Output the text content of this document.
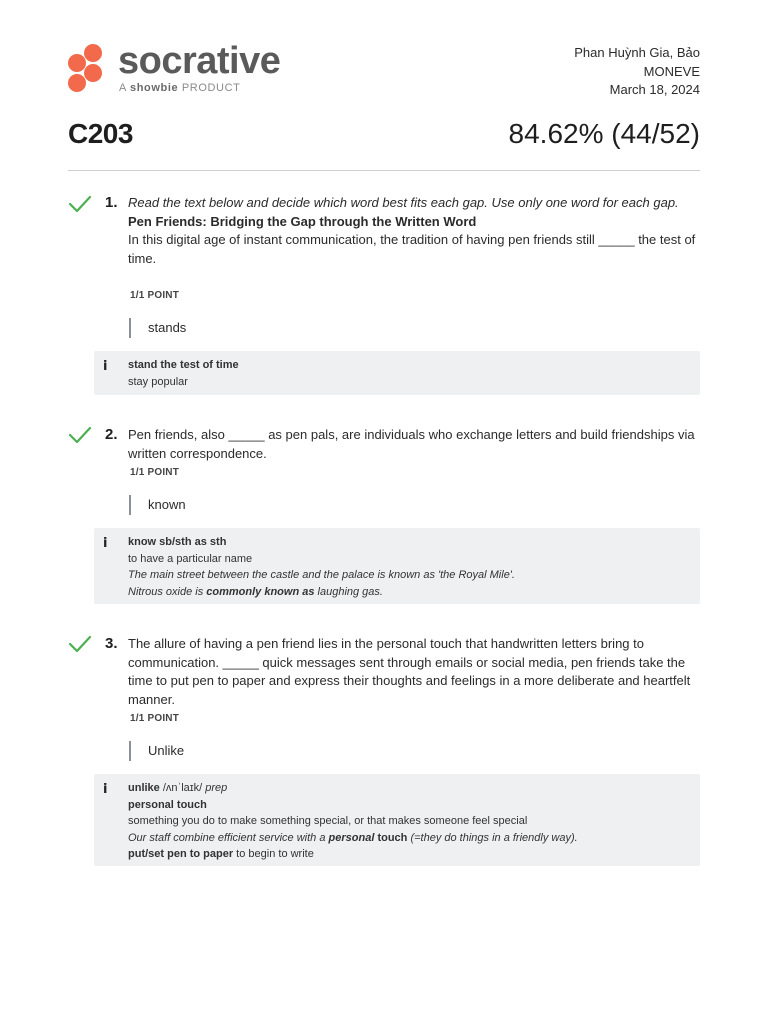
socrative
A showbie PRODUCT
Phan Huỳnh Gia, Bảo
MONEVE
March 18, 2024
C203	84.62% (44/52)
1. Read the text below and decide which word best fits each gap. Use only one word for each gap.
Pen Friends: Bridging the Gap through the Written Word
In this digital age of instant communication, the tradition of having pen friends still _____ the test of time.
1/1 POINT
stands
i stand the test of time
stay popular
2. Pen friends, also _____ as pen pals, are individuals who exchange letters and build friendships via written correspondence.
1/1 POINT
known
i know sb/sth as sth
to have a particular name
The main street between the castle and the palace is known as 'the Royal Mile'.
Nitrous oxide is commonly known as laughing gas.
3. The allure of having a pen friend lies in the personal touch that handwritten letters bring to communication. _____ quick messages sent through emails or social media, pen friends take the time to put pen to paper and express their thoughts and feelings in a more deliberate and heartfelt manner.
1/1 POINT
Unlike
i unlike /ʌnˈlaɪk/ prep
personal touch
something you do to make something special, or that makes someone feel special
Our staff combine efficient service with a personal touch (=they do things in a friendly way).
put/set pen to paper to begin to write
